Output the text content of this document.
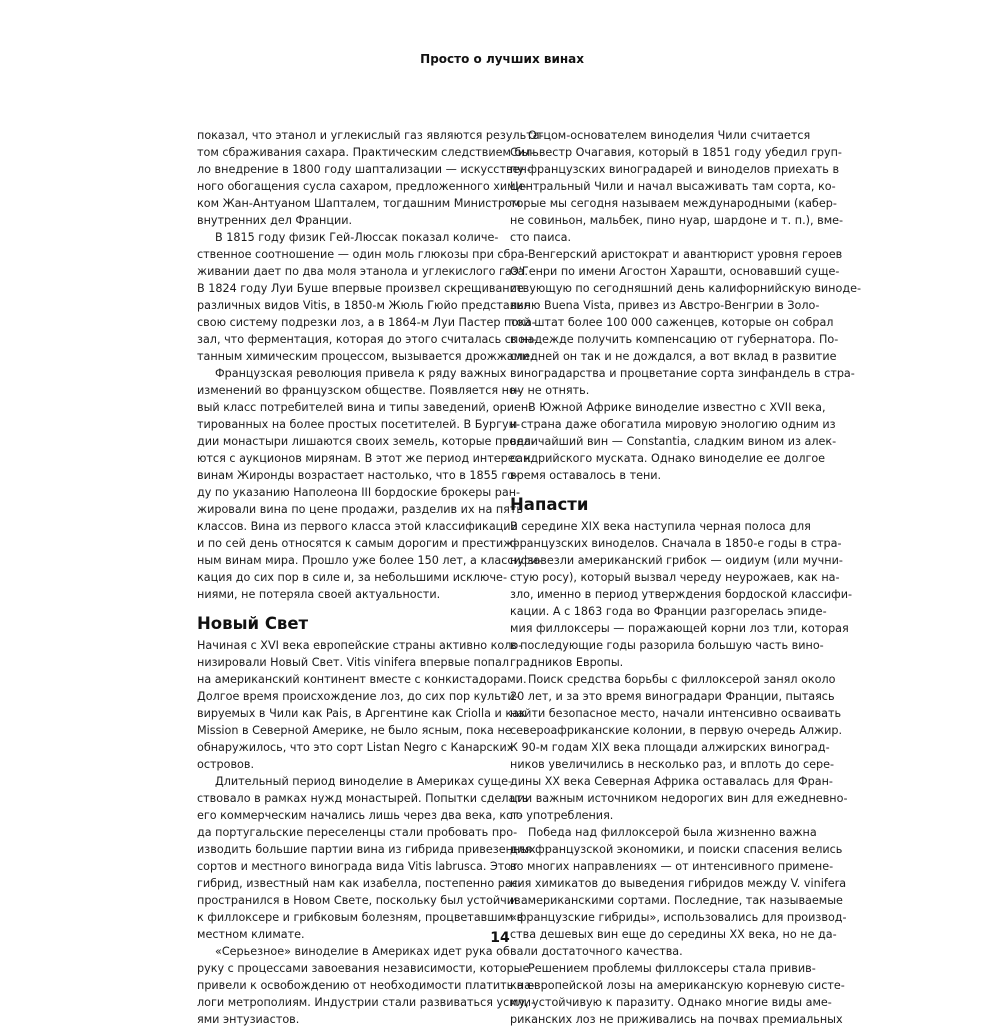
Просто о лучших винах
показал, что этанол и углекислый газ являются результа-
том сбраживания сахара. Практическим следствием бы-
ло внедрение в 1800 году шаптализации — искусствен-
ного обогащения сусла сахаром, предложенного хими-
ком Жан-Антуаном Шапталем, тогдашним Министром
внутренних дел Франции.
В 1815 году физик Гей-Люссак показал количе-
ственное соотношение — один моль глюкозы при сбра-
живании дает по два моля этанола и углекислого газа.
В 1824 году Луи Буше впервые произвел скрещивание
различных видов Vitis, в 1850-м Жюль Гюйо представил
свою систему подрезки лоз, а в 1864-м Луи Пастер пока-
зал, что ферментация, которая до этого считалась спон-
танным химическим процессом, вызывается дрожжами.
Французская революция привела к ряду важных
изменений во французском обществе. Появляется но-
вый класс потребителей вина и типы заведений, ориен-
тированных на более простых посетителей. В Бургун-
дии монастыри лишаются своих земель, которые прода-
ются с аукционов мирянам. В этот же период интерес к
винам Жиронды возрастает настолько, что в 1855 го-
ду по указанию Наполеона III бордоские брокеры ран-
жировали вина по цене продажи, разделив их на пять
классов. Вина из первого класса этой классификации
и по сей день относятся к самым дорогим и престиж-
ным винам мира. Прошло уже более 150 лет, а классифи-
кация до сих пор в силе и, за небольшими исключе-
ниями, не потеряла своей актуальности.
Новый Свет
Начиная с XVI века европейские страны активно коло-
низировали Новый Свет. Vitis vinifera впервые попал
на американский континент вместе с конкистадорами.
Долгое время происхождение лоз, до сих пор культи-
вируемых в Чили как Pais, в Аргентине как Criolla и как
Mission в Северной Америке, не было ясным, пока не
обнаружилось, что это сорт Listan Negro с Канарских
островов.
Длительный период виноделие в Америках суще-
ствовало в рамках нужд монастырей. Попытки сделать
его коммерческим начались лишь через два века, ког-
да португальские переселенцы стали пробовать про-
изводить большие партии вина из гибрида привезенных
сортов и местного винограда вида Vitis labrusca. Этот
гибрид, известный нам как изабелла, постепенно рас-
пространился в Новом Свете, поскольку был устойчив
к филлоксере и грибковым болезням, процветавшим в
местном климате.
«Серьезное» виноделие в Америках идет рука об
руку с процессами завоевания независимости, которые
привели к освобождению от необходимости платить на-
логи метрополиям. Индустрии стали развиваться усили-
ями энтузиастов.
Отцом-основателем виноделия Чили считается
Сильвестр Очагавия, который в 1851 году убедил груп-
пу французских виноградарей и виноделов приехать в
Центральный Чили и начал высаживать там сорта, ко-
торые мы сегодня называем международными (кабер-
не совиньон, мальбек, пино нуар, шардоне и т. п.), вме-
сто паиса.
Венгерский аристократ и авантюрист уровня героев
О'Генри по имени Агостон Харашти, основавший суще-
ствующую по сегодняшний день калифорнийскую виноде-
льню Buena Vista, привез из Австро-Венгрии в Золо-
той штат более 100 000 саженцев, которые он собрал
в надежде получить компенсацию от губернатора. По-
следней он так и не дождался, а вот вклад в развитие
виноградарства и процветание сорта зинфандель в стра-
ну не отнять.
В Южной Африке виноделие известно с XVII века,
и страна даже обогатила мировую энологию одним из
величайший вин — Constantia, сладким вином из алек-
сандрийского муската. Однако виноделие ее долгое
время оставалось в тени.
Напасти
В середине XIX века наступила черная полоса для
французских виноделов. Сначала в 1850-е годы в стра-
ну завезли американский грибок — оидиум (или мучни-
стую росу), который вызвал череду неурожаев, как на-
зло, именно в период утверждения бордоской классифи-
кации. А с 1863 года во Франции разгорелась эпиде-
мия филлоксеры — поражающей корни лоз тли, которая
в последующие годы разорила большую часть вино-
градников Европы.
Поиск средства борьбы с филлоксерой занял около
20 лет, и за это время виноградари Франции, пытаясь
найти безопасное место, начали интенсивно осваивать
североафриканские колонии, в первую очередь Алжир.
К 90-м годам XIX века площади алжирских виноград-
ников увеличились в несколько раз, и вплоть до сере-
дины XX века Северная Африка оставалась для Фран-
ции важным источником недорогих вин для ежедневно-
го употребления.
Победа над филлоксерой была жизненно важна
для французской экономики, и поиски спасения велись
во многих направлениях — от интенсивного примене-
ния химикатов до выведения гибридов между V. vinifera
и американскими сортами. Последние, так называемые
«французские гибриды», использовались для производ-
ства дешевых вин еще до середины XX века, но не да-
вали достаточного качества.
Решением проблемы филлоксеры стала привив-
ка европейской лозы на американскую корневую систе-
му, устойчивую к паразиту. Однако многие виды аме-
риканских лоз не приживались на почвах премиальных
14
